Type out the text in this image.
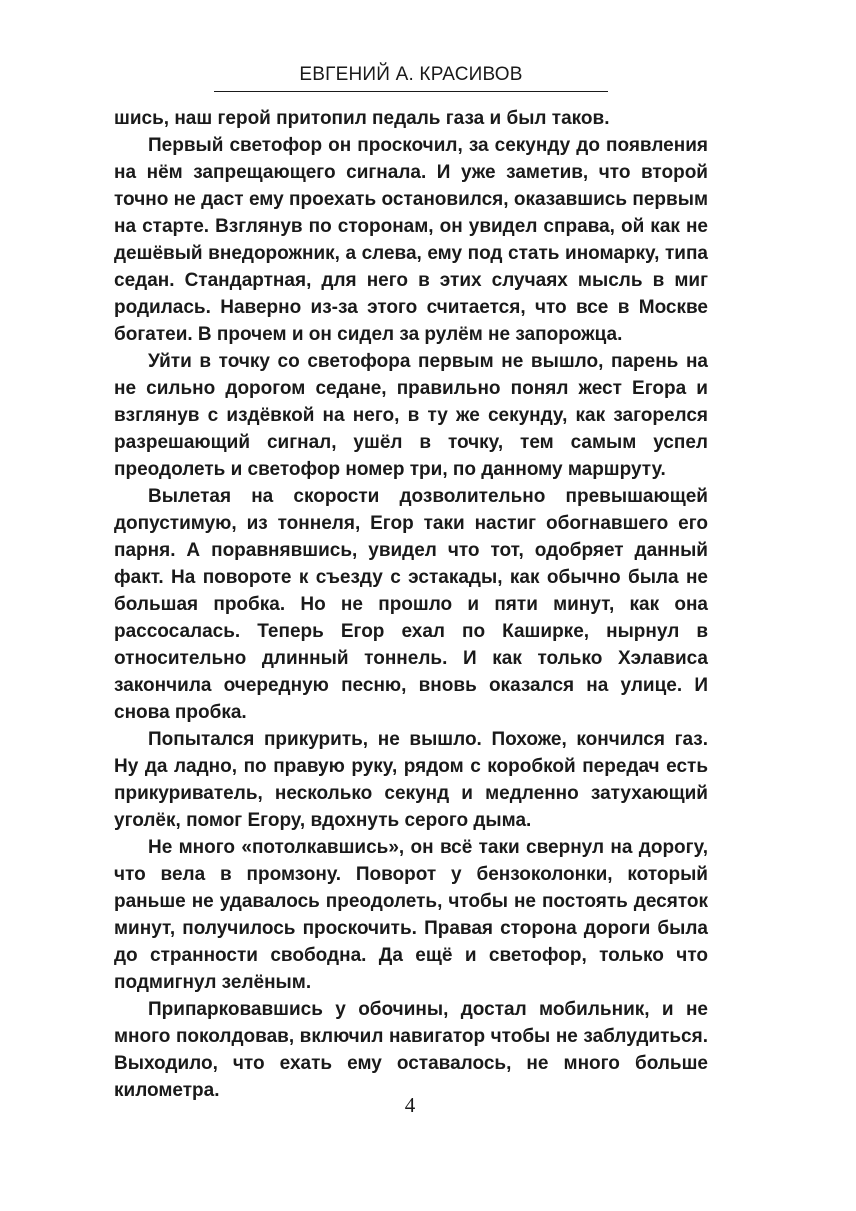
ЕВГЕНИЙ А. КРАСИВОВ

шись, наш герой притопил педаль газа и был таков.

Первый светофор он проскочил, за секунду до появления на нём запрещающего сигнала. И уже заметив, что второй точно не даст ему проехать остановился, оказавшись первым на старте. Взглянув по сторонам, он увидел справа, ой как не дешёвый внедорожник, а слева, ему под стать иномарку, типа седан. Стандартная, для него в этих случаях мысль в миг родилась. Наверно из-за этого считается, что все в Москве богатеи. В прочем и он сидел за рулём не запорожца.

Уйти в точку со светофора первым не вышло, парень на не сильно дорогом седане, правильно понял жест Егора и взглянув с издёвкой на него, в ту же секунду, как загорелся разрешающий сигнал, ушёл в точку, тем самым успел преодолеть и светофор номер три, по данному маршруту.

Вылетая на скорости дозволительно превышающей допустимую, из тоннеля, Егор таки настиг обогнавшего его парня. А поравнявшись, увидел что тот, одобряет данный факт. На повороте к съезду с эстакады, как обычно была не большая пробка. Но не прошло и пяти минут, как она рассосалась. Теперь Егор ехал по Каширке, нырнул в относительно длинный тоннель. И как только Хэлависа закончила очередную песню, вновь оказался на улице. И снова пробка.

Попытался прикурить, не вышло. Похоже, кончился газ. Ну да ладно, по правую руку, рядом с коробкой передач есть прикуриватель, несколько секунд и медленно затухающий уголёк, помог Егору, вдохнуть серого дыма.

Не много «потолкавшись», он всё таки свернул на дорогу, что вела в промзону. Поворот у бензоколонки, который раньше не удавалось преодолеть, чтобы не постоять десяток минут, получилось проскочить. Правая сторона дороги была до странности свободна. Да ещё и светофор, только что подмигнул зелёным.

Припарковавшись у обочины, достал мобильник, и не много поколдовав, включил навигатор чтобы не заблудиться. Выходило, что ехать ему оставалось, не много больше километра.

4
